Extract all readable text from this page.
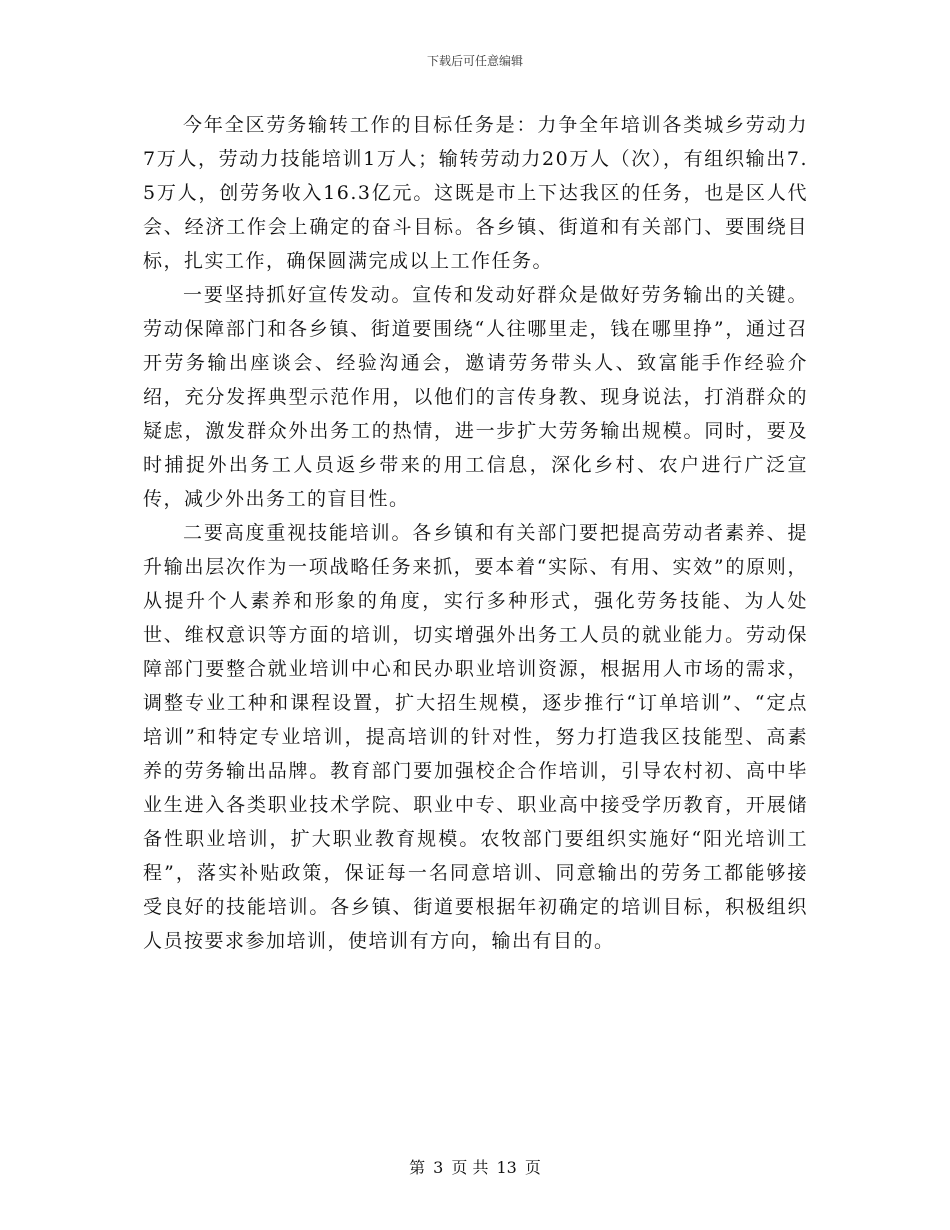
下载后可任意编辑

今年全区劳务输转工作的目标任务是：力争全年培训各类城乡劳动力7万人，劳动力技能培训1万人；输转劳动力20万人（次），有组织输出7.5万人，创劳务收入16.3亿元。这既是市上下达我区的任务，也是区人代会、经济工作会上确定的奋斗目标。各乡镇、街道和有关部门、要围绕目标，扎实工作，确保圆满完成以上工作任务。

一要坚持抓好宣传发动。宣传和发动好群众是做好劳务输出的关键。劳动保障部门和各乡镇、街道要围绕“人往哪里走，钱在哪里挣”，通过召开劳务输出座谈会、经验沟通会，邀请劳务带头人、致富能手作经验介绍，充分发挥典型示范作用，以他们的言传身教、现身说法，打消群众的疑虑，激发群众外出务工的热情，进一步扩大劳务输出规模。同时，要及时捕捉外出务工人员返乡带来的用工信息，深化乡村、农户进行广泛宣传，减少外出务工的盲目性。

二要高度重视技能培训。各乡镇和有关部门要把提高劳动者素养、提升输出层次作为一项战略任务来抓，要本着“实际、有用、实效”的原则，从提升个人素养和形象的角度，实行多种形式，强化劳务技能、为人处世、维权意识等方面的培训，切实增强外出务工人员的就业能力。劳动保障部门要整合就业培训中心和民办职业培训资源，根据用人市场的需求，调整专业工种和课程设置，扩大招生规模，逐步推行“订单培训”、“定点培训”和特定专业培训，提高培训的针对性，努力打造我区技能型、高素养的劳务输出品牌。教育部门要加强校企合作培训，引导农村初、高中毕业生进入各类职业技术学院、职业中专、职业高中接受学历教育，开展储备性职业培训，扩大职业教育规模。农牧部门要组织实施好“阳光培训工程”，落实补贴政策，保证每一名同意培训、同意输出的劳务工都能够接受良好的技能培训。各乡镇、街道要根据年初确定的培训目标，积极组织人员按要求参加培训，使培训有方向，输出有目的。

第 3 页 共 13 页
